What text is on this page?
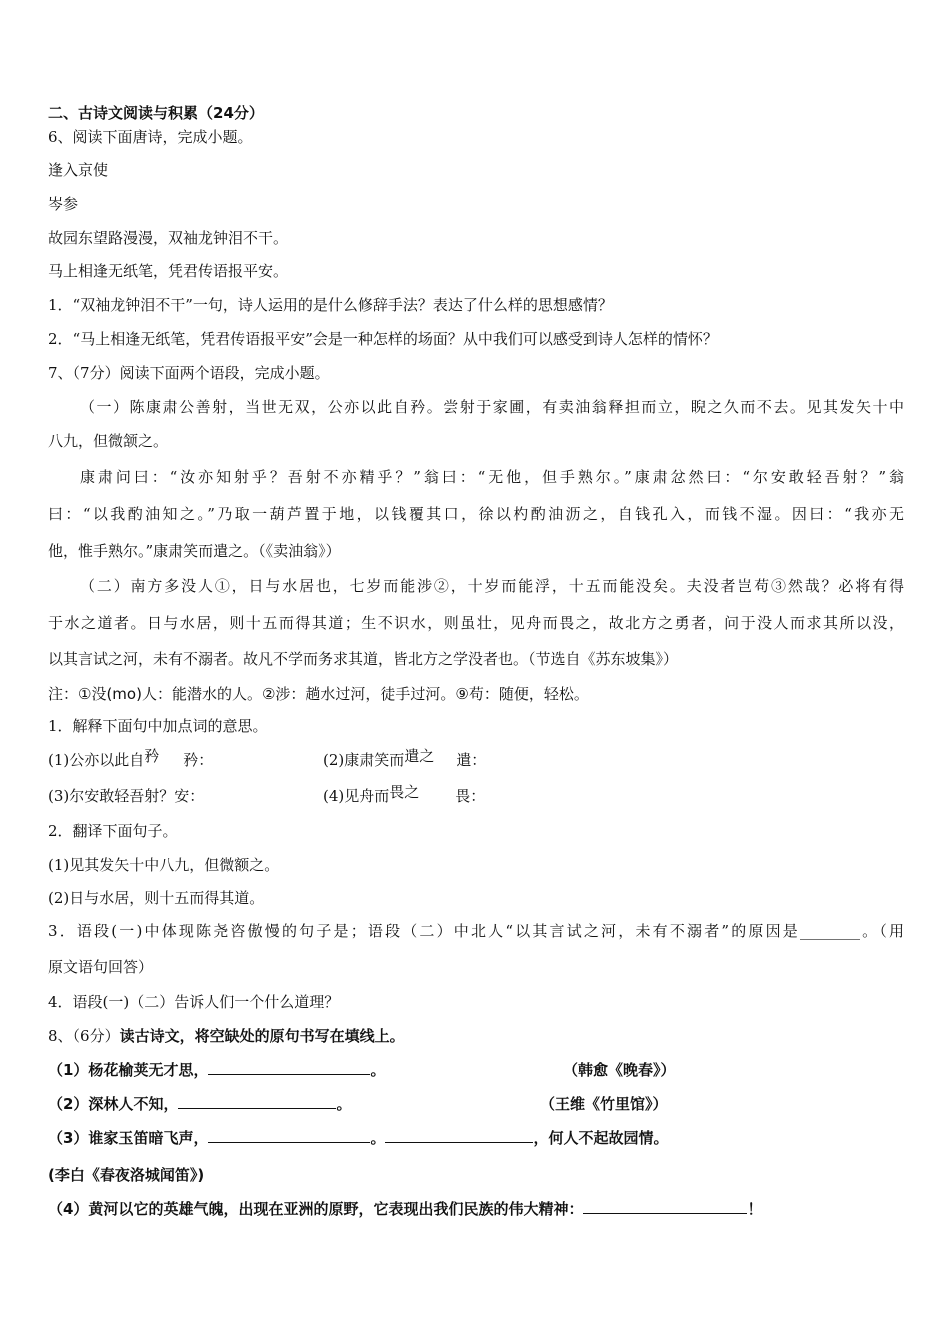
二、古诗文阅读与积累（24分）
6、阅读下面唐诗，完成小题。
逢入京使
岑参
故园东望路漫漫，双袖龙钟泪不干。
马上相逢无纸笔，凭君传语报平安。
1．“双袖龙钟泪不干”一句，诗人运用的是什么修辞手法？表达了什么样的思想感情？
2．“马上相逢无纸笔，凭君传语报平安”会是一种怎样的场面？从中我们可以感受到诗人怎样的情怀？
7、（7分）阅读下面两个语段，完成小题。
（一）陈康肃公善射，当世无双，公亦以此自矜。尝射于家圃，有卖油翁释担而立，睨之久而不去。见其发矢十中
八九，但微颔之。
康肃问曰：“汝亦知射乎？吾射不亦精乎？”翁曰：“无他，但手熟尔。”康肃忿然曰：“尔安敢轻吾射？”翁
曰：“以我酌油知之。”乃取一葫芦置于地，以钱覆其口，徐以杓酌油沥之，自钱孔入，而钱不湿。因曰：“我亦无
他，惟手熟尔。”康肃笑而遣之。（《卖油翁》）
（二）南方多没人①，日与水居也，七岁而能涉②，十岁而能浮，十五而能没矣。夫没者岂苟③然哉？必将有得
于水之道者。日与水居，则十五而得其道；生不识水，则虽壮，见舟而畏之，故北方之勇者，问于没人而求其所以没，
以其言试之河，未有不溺者。故凡不学而务求其道，皆北方之学没者也。（节选自《苏东坡集》）
注：①没(mo)人：能潜水的人。②涉：趟水过河，徒手过河。⑨苟：随便，轻松。
1．解释下面句中加点词的意思。
(1)公亦以此自矜 矜：	(2)康肃笑而遣之 遣：
(3)尔安敢轻吾射？安：	(4)见舟而畏之 畏：
2．翻译下面句子。
(1)见其发矢十中八九，但微额之。
(2)日与水居，则十五而得其道。
3．语段(一)中体现陈尧咨傲慢的句子是；语段（二）中北人“以其言试之河，未有不溺者”的原因是________。（用
原文语句回答）
4．语段(一)（二）告诉人们一个什么道理？
8、（6分）读古诗文，将空缺处的原句书写在填线上。
（1）杨花榆荚无才思，	。	（韩愈《晚春》）
（2）深林人不知，	。	（王维《竹里馆》）
（3）谁家玉笛暗飞声，	。	，何人不起故园情。
(李白《春夜洛城闻笛》)
（4）黄河以它的英雄气魄，出现在亚洲的原野，它表现出我们民族的伟大精神：	！
